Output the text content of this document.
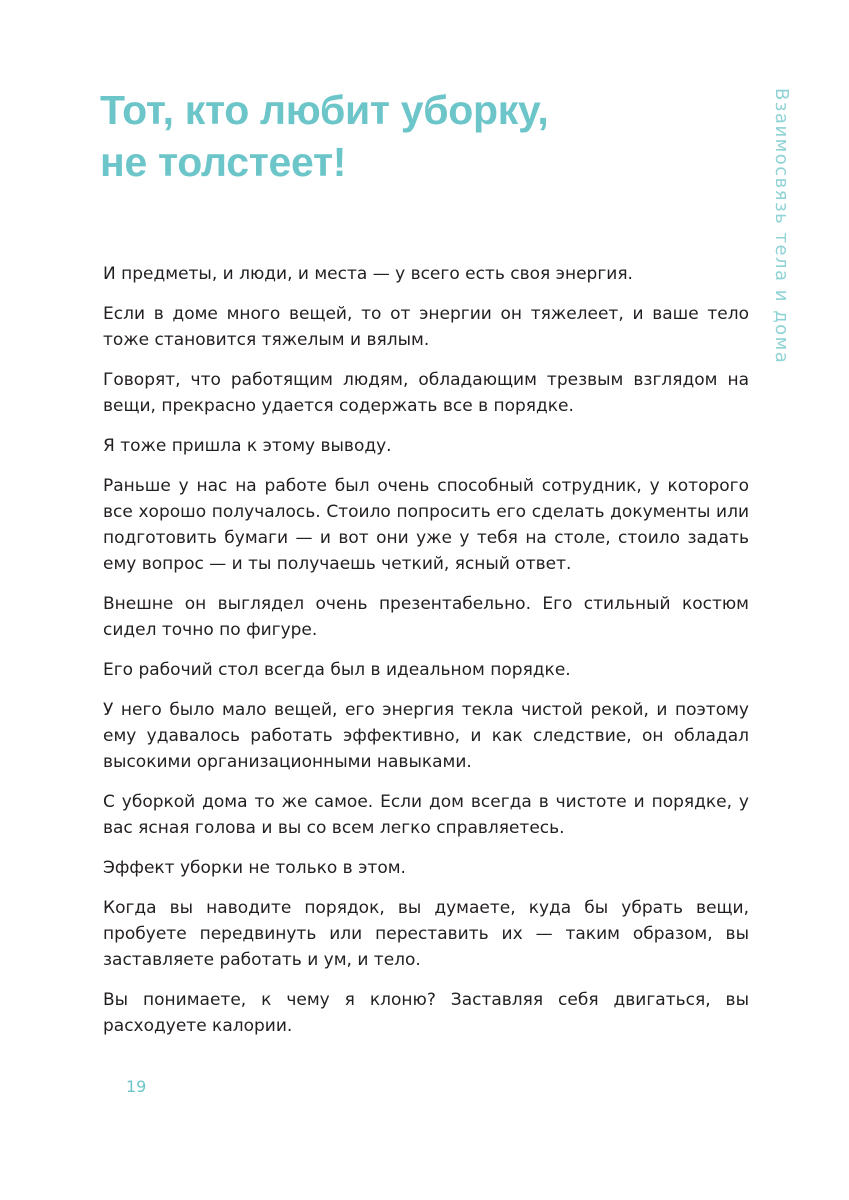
Тот, кто любит уборку,
не толстеет!	Взаимосвязь тела и дома

И предметы, и люди, и места — у всего есть своя энергия.

Если в доме много вещей, то от энергии он тяжелеет, и ваше тело тоже становится тяжелым и вялым.

Говорят, что работящим людям, обладающим трезвым взглядом на вещи, прекрасно удается содержать все в порядке.

Я тоже пришла к этому выводу.

Раньше у нас на работе был очень способный сотрудник, у которого все хорошо получалось. Стоило попросить его сделать документы или подготовить бумаги — и вот они уже у тебя на столе, стоило задать ему вопрос — и ты получаешь четкий, ясный ответ.

Внешне он выглядел очень презентабельно. Его стильный костюм сидел точно по фигуре.

Его рабочий стол всегда был в идеальном порядке.

У него было мало вещей, его энергия текла чистой рекой, и поэтому ему удавалось работать эффективно, и как следствие, он обладал высокими организационными навыками.

С уборкой дома то же самое. Если дом всегда в чистоте и порядке, у вас ясная голова и вы со всем легко справляетесь.

Эффект уборки не только в этом.

Когда вы наводите порядок, вы думаете, куда бы убрать вещи, пробуете передвинуть или переставить их — таким образом, вы заставляете работать и ум, и тело.

Вы понимаете, к чему я клоню? Заставляя себя двигаться, вы расходуете калории.

19
